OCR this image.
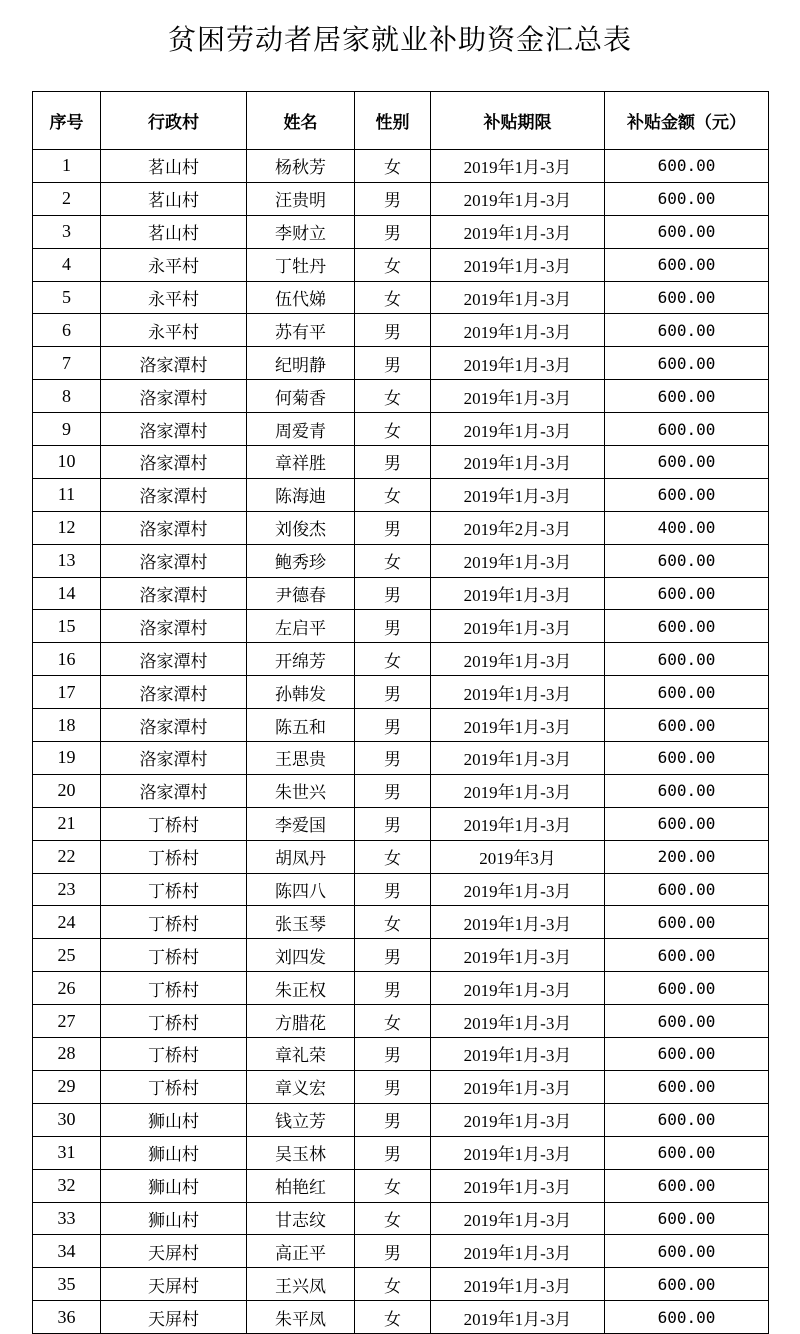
贫困劳动者居家就业补助资金汇总表
序号	行政村	姓名	性别	补贴期限	补贴金额（元）
1	茗山村	杨秋芳	女	2019年1月-3月	600.00
2	茗山村	汪贵明	男	2019年1月-3月	600.00
3	茗山村	李财立	男	2019年1月-3月	600.00
4	永平村	丁牡丹	女	2019年1月-3月	600.00
5	永平村	伍代娣	女	2019年1月-3月	600.00
6	永平村	苏有平	男	2019年1月-3月	600.00
7	洛家潭村	纪明静	男	2019年1月-3月	600.00
8	洛家潭村	何菊香	女	2019年1月-3月	600.00
9	洛家潭村	周爱青	女	2019年1月-3月	600.00
10	洛家潭村	章祥胜	男	2019年1月-3月	600.00
11	洛家潭村	陈海迪	女	2019年1月-3月	600.00
12	洛家潭村	刘俊杰	男	2019年2月-3月	400.00
13	洛家潭村	鲍秀珍	女	2019年1月-3月	600.00
14	洛家潭村	尹德春	男	2019年1月-3月	600.00
15	洛家潭村	左启平	男	2019年1月-3月	600.00
16	洛家潭村	开绵芳	女	2019年1月-3月	600.00
17	洛家潭村	孙韩发	男	2019年1月-3月	600.00
18	洛家潭村	陈五和	男	2019年1月-3月	600.00
19	洛家潭村	王思贵	男	2019年1月-3月	600.00
20	洛家潭村	朱世兴	男	2019年1月-3月	600.00
21	丁桥村	李爱国	男	2019年1月-3月	600.00
22	丁桥村	胡凤丹	女	2019年3月	200.00
23	丁桥村	陈四八	男	2019年1月-3月	600.00
24	丁桥村	张玉琴	女	2019年1月-3月	600.00
25	丁桥村	刘四发	男	2019年1月-3月	600.00
26	丁桥村	朱正权	男	2019年1月-3月	600.00
27	丁桥村	方腊花	女	2019年1月-3月	600.00
28	丁桥村	章礼荣	男	2019年1月-3月	600.00
29	丁桥村	章义宏	男	2019年1月-3月	600.00
30	狮山村	钱立芳	男	2019年1月-3月	600.00
31	狮山村	吴玉林	男	2019年1月-3月	600.00
32	狮山村	柏艳红	女	2019年1月-3月	600.00
33	狮山村	甘志纹	女	2019年1月-3月	600.00
34	天屏村	高正平	男	2019年1月-3月	600.00
35	天屏村	王兴凤	女	2019年1月-3月	600.00
36	天屏村	朱平凤	女	2019年1月-3月	600.00
